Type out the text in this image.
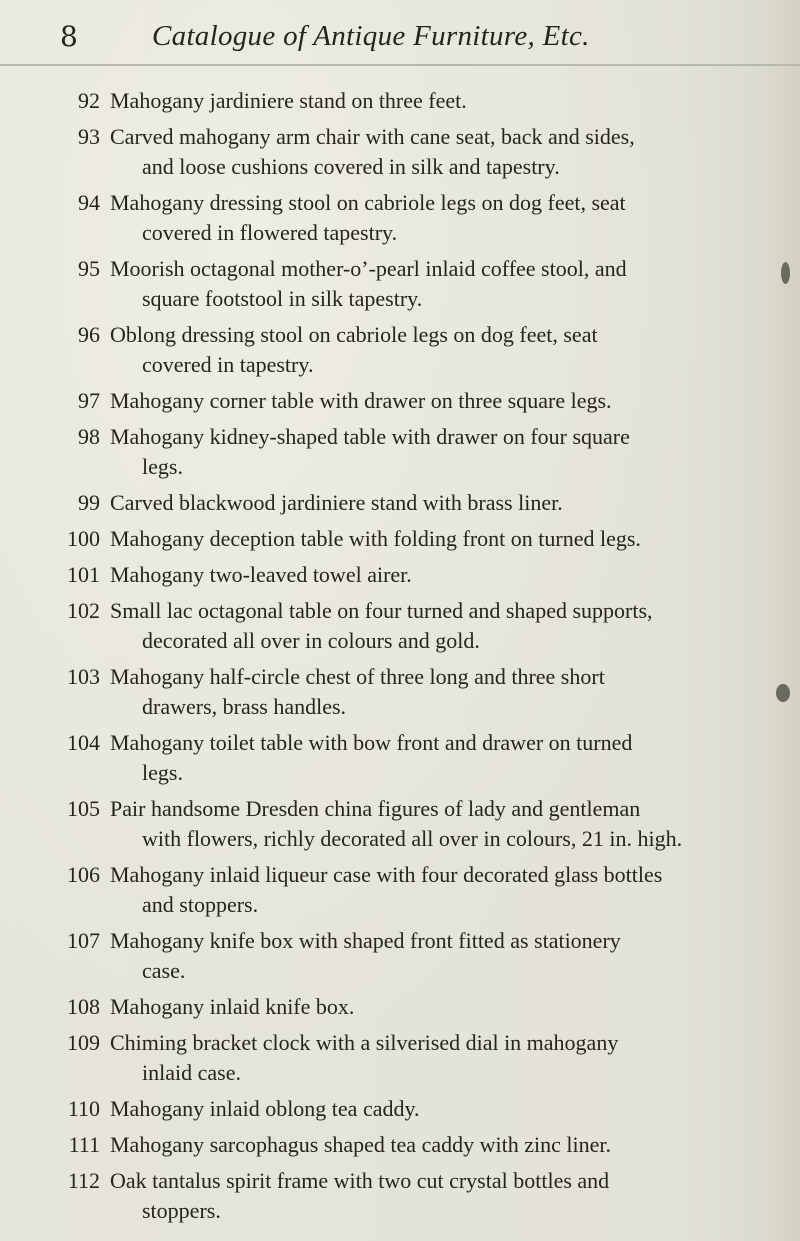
8	Catalogue of Antique Furniture, Etc.
92 Mahogany jardiniere stand on three feet.
93 Carved mahogany arm chair with cane seat, back and sides,
and loose cushions covered in silk and tapestry.
94 Mahogany dressing stool on cabriole legs on dog feet, seat
covered in flowered tapestry.
95 Moorish octagonal mother-o’-pearl inlaid coffee stool, and
square footstool in silk tapestry.
96 Oblong dressing stool on cabriole legs on dog feet, seat
covered in tapestry.
97 Mahogany corner table with drawer on three square legs.
98 Mahogany kidney-shaped table with drawer on four square
legs.
99 Carved blackwood jardiniere stand with brass liner.
100 Mahogany deception table with folding front on turned legs.
101 Mahogany two-leaved towel airer.
102 Small lac octagonal table on four turned and shaped supports,
decorated all over in colours and gold.
103 Mahogany half-circle chest of three long and three short
drawers, brass handles.
104 Mahogany toilet table with bow front and drawer on turned
legs.
105 Pair handsome Dresden china figures of lady and gentleman
with flowers, richly decorated all over in colours, 21 in. high.
106 Mahogany inlaid liqueur case with four decorated glass bottles
and stoppers.
107 Mahogany knife box with shaped front fitted as stationery
case.
108 Mahogany inlaid knife box.
109 Chiming bracket clock with a silverised dial in mahogany
inlaid case.
110 Mahogany inlaid oblong tea caddy.
111 Mahogany sarcophagus shaped tea caddy with zinc liner.
112 Oak tantalus spirit frame with two cut crystal bottles and
stoppers.
